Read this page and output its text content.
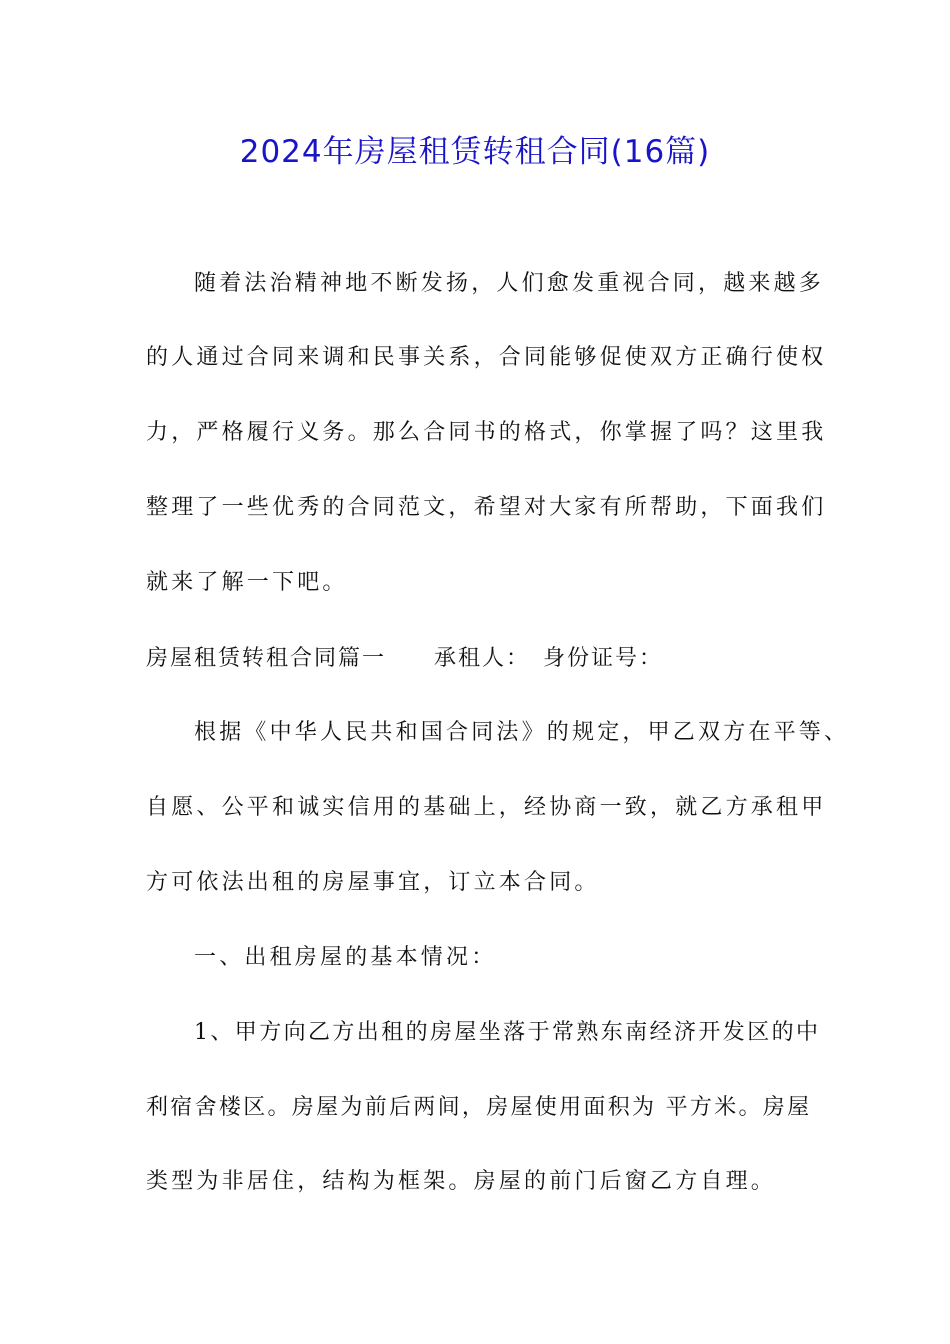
2024年房屋租赁转租合同(16篇)
随着法治精神地不断发扬，人们愈发重视合同，越来越多
的人通过合同来调和民事关系，合同能够促使双方正确行使权
力，严格履行义务。那么合同书的格式，你掌握了吗？这里我
整理了一些优秀的合同范文，希望对大家有所帮助，下面我们
就来了解一下吧。
房屋租赁转租合同篇一　　承租人：　身份证号：
根据《中华人民共和国合同法》的规定，甲乙双方在平等、
自愿、公平和诚实信用的基础上，经协商一致，就乙方承租甲
方可依法出租的房屋事宜，订立本合同。
一、出租房屋的基本情况：
1、甲方向乙方出租的房屋坐落于常熟东南经济开发区的中
利宿舍楼区。房屋为前后两间，房屋使用面积为 平方米。房屋
类型为非居住，结构为框架。房屋的前门后窗乙方自理。
